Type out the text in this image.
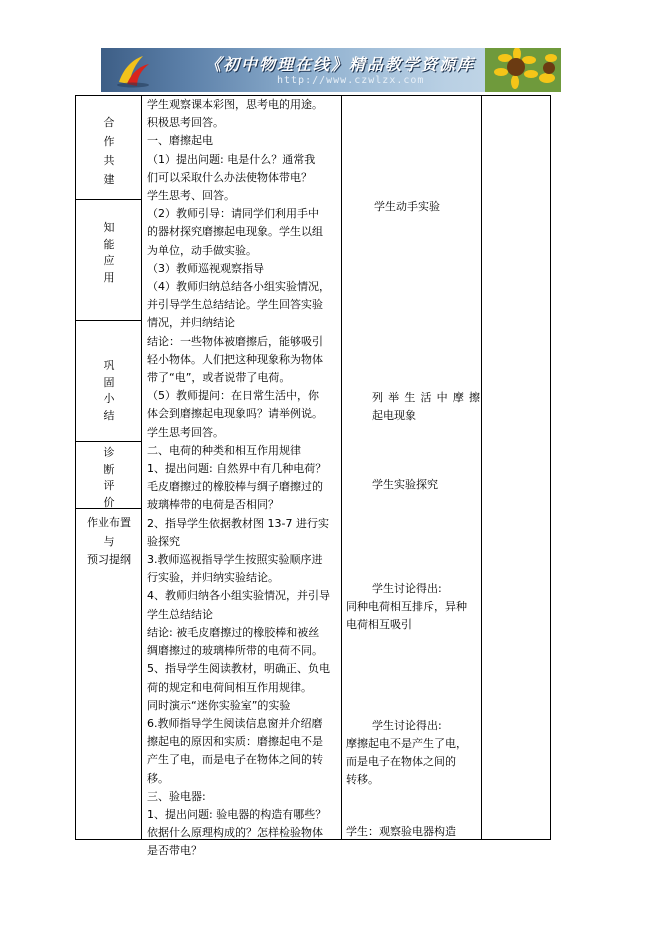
《初中物理在线》精品教学资源库
http://www.czwlzx.com
合
作
共
建
知
能
应
用
巩
固
小
结
诊
断
评
价
作业布置
与
预习提纲
学生观察课本彩图，思考电的用途。
积极思考回答。
一、磨擦起电
（1）提出问题: 电是什么？通常我
们可以采取什么办法使物体带电？
学生思考、回答。
（2）教师引导：请同学们利用手中
的器材探究磨擦起电现象。学生以组
为单位，动手做实验。
（3）教师巡视观察指导
（4）教师归纳总结各小组实验情况，
并引导学生总结结论。学生回答实验
情况，并归纳结论
结论：一些物体被磨擦后，能够吸引
轻小物体。人们把这种现象称为物体
带了“电”，或者说带了电荷。
（5）教师提问：在日常生活中，你
体会到磨擦起电现象吗？请举例说。
学生思考回答。
二、电荷的种类和相互作用规律
1、提出问题: 自然界中有几种电荷？
毛皮磨擦过的橡胶棒与绸子磨擦过的
玻璃棒带的电荷是否相同？
2、指导学生依据教材图 13-7 进行实
验探究
3.教师巡视指导学生按照实验顺序进
行实验，并归纳实验结论。
4、教师归纳各小组实验情况，并引导
学生总结结论
结论: 被毛皮磨擦过的橡胶棒和被丝
绸磨擦过的玻璃棒所带的电荷不同。
5、指导学生阅读教材，明确正、负电
荷的规定和电荷间相互作用规律。
同时演示“迷你实验室”的实验
6.教师指导学生阅读信息窗并介绍磨
擦起电的原因和实质：磨擦起电不是
产生了电，而是电子在物体之间的转
移。
三、验电器:
1、提出问题: 验电器的构造有哪些？
依据什么原理构成的？怎样检验物体
是否带电？
学生动手实验
列举生活中摩擦
起电现象
学生实验探究
学生讨论得出:
同种电荷相互排斥，异种
电荷相互吸引
学生讨论得出:
摩擦起电不是产生了电，
而是电子在物体之间的
转移。
学生：观察验电器构造
